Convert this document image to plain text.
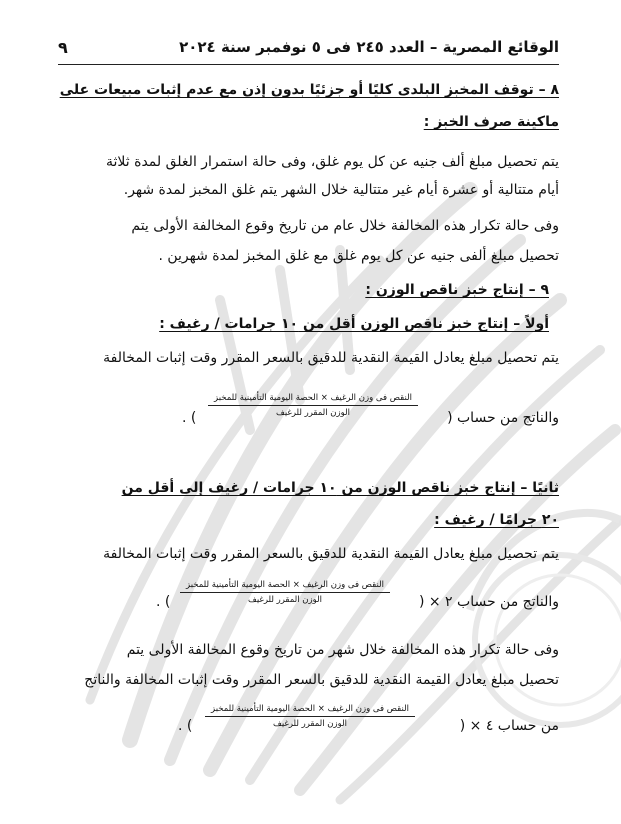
الوقائع المصرية – العدد ٢٤٥ فى ٥ نوفمبر سنة ٢٠٢٤
٩
٨ – توقف المخبز البلدى كليًا أو جزئيًا بدون إذن مع عدم إثبات مبيعات على
ماكينة صرف الخبز :
يتم تحصيل مبلغ ألف جنيه عن كل يوم غلق، وفى حالة استمرار الغلق لمدة ثلاثة
أيام متتالية أو عشرة أيام غير متتالية خلال الشهر يتم غلق المخبز لمدة شهر.
وفى حالة تكرار هذه المخالفة خلال عام من تاريخ وقوع المخالفة الأولى يتم
تحصيل مبلغ ألفى جنيه عن كل يوم غلق مع غلق المخبز لمدة شهرين .
٩ – إنتاج خبز ناقص الوزن :
أولاً – إنتاج خبز ناقص الوزن أقل من ١٠ جرامات / رغيف :
يتم تحصيل مبلغ يعادل القيمة النقدية للدقيق بالسعر المقرر وقت إثبات المخالفة
والناتج من حساب (
النقص فى وزن الرغيف × الحصة اليومية التأمينية للمخبز
الوزن المقرر للرغيف
) .
ثانيًا – إنتاج خبز ناقص الوزن من ١٠ جرامات / رغيف إلى أقل من
٢٠ جرامًا / رغيف :
يتم تحصيل مبلغ يعادل القيمة النقدية للدقيق بالسعر المقرر وقت إثبات المخالفة
والناتج من حساب ٢ × (
النقص فى وزن الرغيف × الحصة اليومية التأمينية للمخبز
الوزن المقرر للرغيف
) .
وفى حالة تكرار هذه المخالفة خلال شهر من تاريخ وقوع المخالفة الأولى يتم
تحصيل مبلغ يعادل القيمة النقدية للدقيق بالسعر المقرر وقت إثبات المخالفة والناتج
من حساب ٤ × (
النقص فى وزن الرغيف × الحصة اليومية التأمينية للمخبز
الوزن المقرر للرغيف
) .
